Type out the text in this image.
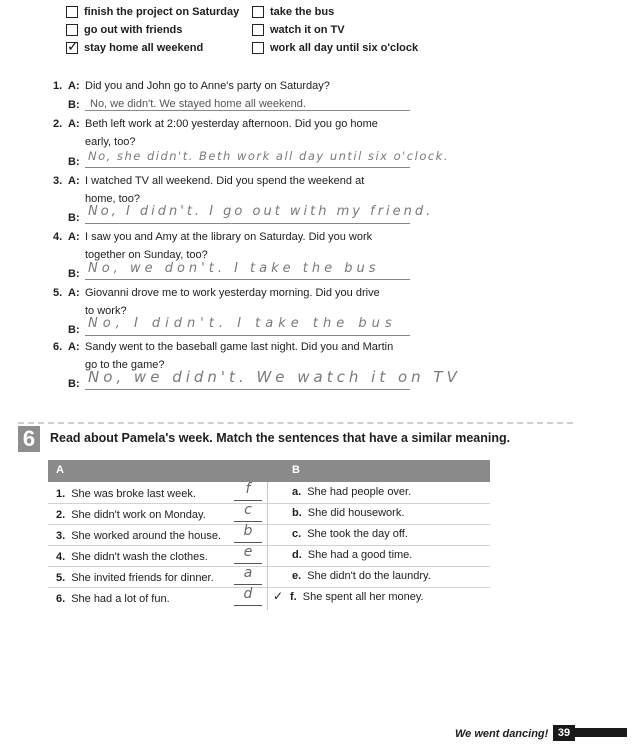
finish the project on Saturday
go out with friends
✓ stay home all weekend
take the bus
watch it on TV
work all day until six o'clock
1. A: Did you and John go to Anne's party on Saturday?
B: No, we didn't. We stayed home all weekend.
2. A: Beth left work at 2:00 yesterday afternoon. Did you go home
early, too?
B: No, she didn't. Beth work all day until six o'clock.
3. A: I watched TV all weekend. Did you spend the weekend at
home, too?
B: No, I didn't. I go out with my friend.
4. A: I saw you and Amy at the library on Saturday. Did you work
together on Sunday, too?
B: No, we don't. I take the bus
5. A: Giovanni drove me to work yesterday morning. Did you drive
to work?
B: No, I didn't. I take the bus
6. A: Sandy went to the baseball game last night. Did you and Martin
go to the game?
B: No, we didn't. We watch it on TV
6	Read about Pamela's week. Match the sentences that have a similar meaning.
A	B
1. She was broke last week.	f	a. She had people over.
2. She didn't work on Monday.	c	b. She did housework.
3. She worked around the house.	b	c. She took the day off.
4. She didn't wash the clothes.	e	d. She had a good time.
5. She invited friends for dinner.	a	e. She didn't do the laundry.
6. She had a lot of fun.	d	✓ f. She spent all her money.
We went dancing! 39
